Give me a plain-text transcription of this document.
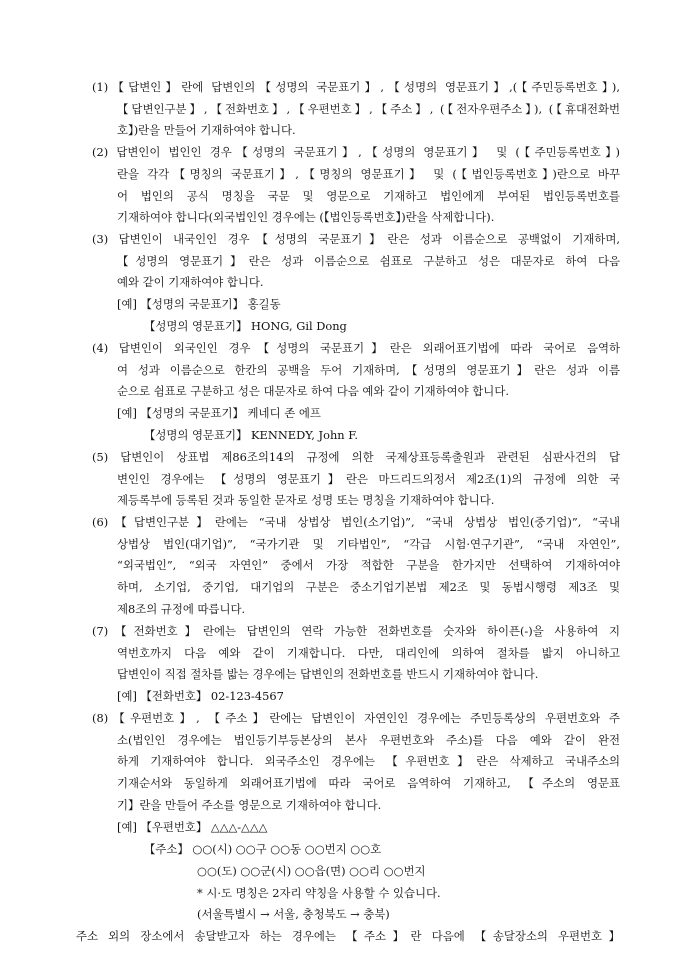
(1)【답변인】란에 답변인의【성명의 국문표기】,【성명의 영문표기】,(【주민등록번호】),
【답변인구분】,【전화번호】,【우편번호】,【주소】, (【전자우편주소】), (【휴대전화번
호】)란을 만들어 기재하여야 합니다.
(2) 답변인이 법인인 경우【성명의 국문표기】,【성명의 영문표기】 및 (【주민등록번호】)
란을 각각【명칭의 국문표기】,【명칭의 영문표기】 및 (【법인등록번호】)란으로 바꾸
어 법인의 공식 명칭을 국문 및 영문으로 기재하고 법인에게 부여된 법인등록번호를
기재하여야 합니다(외국법인인 경우에는 (【법인등록번호】)란을 삭제합니다).
(3) 답변인이 내국인인 경우【성명의 국문표기】란은 성과 이름순으로 공백없이 기재하며,
【성명의 영문표기】란은 성과 이름순으로 쉼표로 구분하고 성은 대문자로 하여 다음
예와 같이 기재하여야 합니다.
[예] 【성명의 국문표기】 홍길동
【성명의 영문표기】 HONG, Gil Dong
(4) 답변인이 외국인인 경우【성명의 국문표기】란은 외래어표기법에 따라 국어로 음역하
여 성과 이름순으로 한칸의 공백을 두어 기재하며,【성명의 영문표기】란은 성과 이름
순으로 쉼표로 구분하고 성은 대문자로 하여 다음 예와 같이 기재하여야 합니다.
[예] 【성명의 국문표기】 케네디 존 에프
【성명의 영문표기】 KENNEDY, John F.
(5) 답변인이 상표법 제86조의14의 규정에 의한 국제상표등록출원과 관련된 심판사건의 답
변인인 경우에는 【성명의 영문표기】란은 마드리드의정서 제2조(1)의 규정에 의한 국
제등록부에 등록된 것과 동일한 문자로 성명 또는 명칭을 기재하여야 합니다.
(6)【답변인구분】란에는 “국내 상법상 법인(소기업)”, “국내 상법상 법인(중기업)”, “국내
상법상 법인(대기업)”, “국가기관 및 기타법인”, “각급 시험·연구기관”, “국내 자연인”,
“외국법인”, “외국 자연인” 중에서 가장 적합한 구분을 한가지만 선택하여 기재하여야
하며, 소기업, 중기업, 대기업의 구분은 중소기업기본법 제2조 및 동법시행령 제3조 및
제8조의 규정에 따릅니다.
(7)【전화번호】란에는 답변인의 연락 가능한 전화번호를 숫자와 하이픈(-)을 사용하여 지
역번호까지 다음 예와 같이 기재합니다. 다만, 대리인에 의하여 절차를 밟지 아니하고
답변인이 직접 절차를 밟는 경우에는 답변인의 전화번호를 반드시 기재하여야 합니다.
[예] 【전화번호】 02-123-4567
(8)【우편번호】, 【주소】란에는 답변인이 자연인인 경우에는 주민등록상의 우편번호와 주
소(법인인 경우에는 법인등기부등본상의 본사 우편번호와 주소)를 다음 예와 같이 완전
하게 기재하여야 합니다. 외국주소인 경우에는 【우편번호】란은 삭제하고 국내주소의
기재순서와 동일하게 외래어표기법에 따라 국어로 음역하여 기재하고, 【주소의 영문표
기】란을 만들어 주소를 영문으로 기재하여야 합니다.
[예] 【우편번호】 △△△-△△△
【주소】 ○○(시) ○○구 ○○동 ○○번지 ○○호
○○(도) ○○군(시) ○○읍(면) ○○리 ○○번지
* 시·도 명칭은 2자리 약칭을 사용할 수 있습니다.
(서울특별시 → 서울, 충청북도 → 충북)
주소 외의 장소에서 송달받고자 하는 경우에는 【주소】란 다음에 【송달장소의 우편번호】
